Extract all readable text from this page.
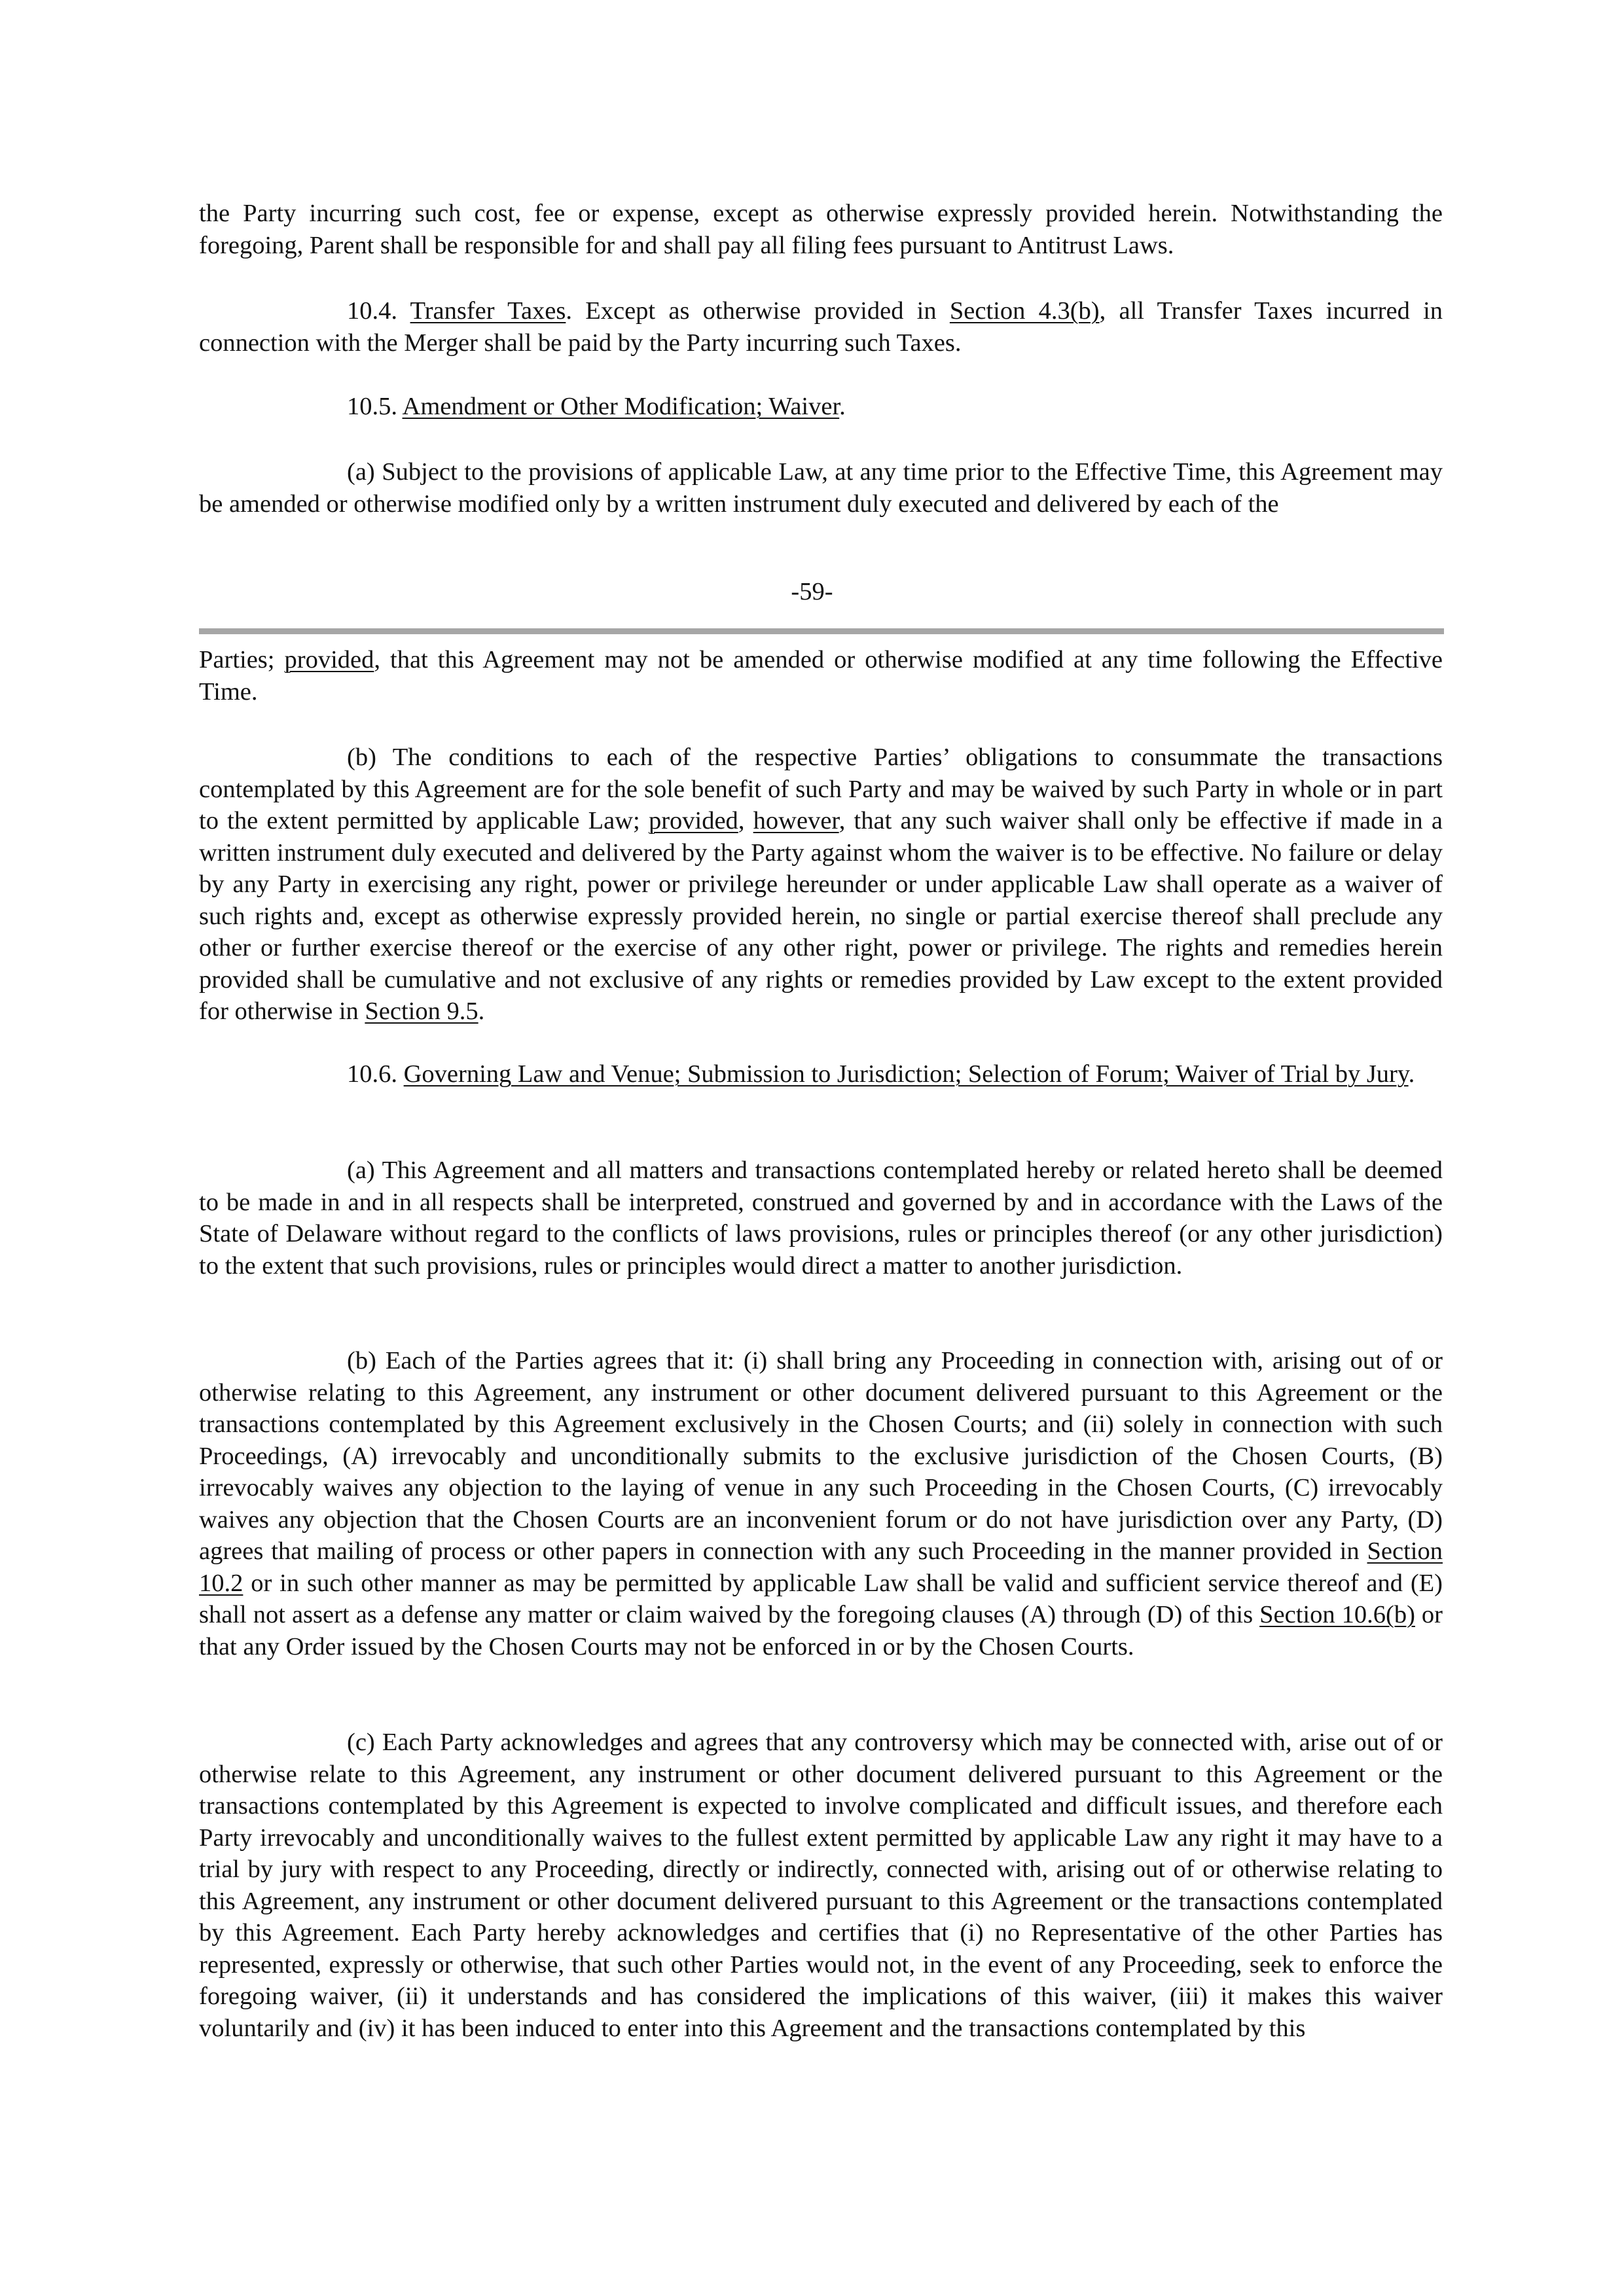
the Party incurring such cost, fee or expense, except as otherwise expressly provided herein. Notwithstanding the foregoing, Parent shall be responsible for and shall pay all filing fees pursuant to Antitrust Laws.

10.4. Transfer Taxes. Except as otherwise provided in Section 4.3(b), all Transfer Taxes incurred in connection with the Merger shall be paid by the Party incurring such Taxes.

10.5. Amendment or Other Modification; Waiver.

(a) Subject to the provisions of applicable Law, at any time prior to the Effective Time, this Agreement may be amended or otherwise modified only by a written instrument duly executed and delivered by each of the

-59-

Parties; provided, that this Agreement may not be amended or otherwise modified at any time following the Effective Time.

(b) The conditions to each of the respective Parties’ obligations to consummate the transactions contemplated by this Agreement are for the sole benefit of such Party and may be waived by such Party in whole or in part to the extent permitted by applicable Law; provided, however, that any such waiver shall only be effective if made in a written instrument duly executed and delivered by the Party against whom the waiver is to be effective. No failure or delay by any Party in exercising any right, power or privilege hereunder or under applicable Law shall operate as a waiver of such rights and, except as otherwise expressly provided herein, no single or partial exercise thereof shall preclude any other or further exercise thereof or the exercise of any other right, power or privilege. The rights and remedies herein provided shall be cumulative and not exclusive of any rights or remedies provided by Law except to the extent provided for otherwise in Section 9.5.

10.6. Governing Law and Venue; Submission to Jurisdiction; Selection of Forum; Waiver of Trial by Jury.

(a) This Agreement and all matters and transactions contemplated hereby or related hereto shall be deemed to be made in and in all respects shall be interpreted, construed and governed by and in accordance with the Laws of the State of Delaware without regard to the conflicts of laws provisions, rules or principles thereof (or any other jurisdiction) to the extent that such provisions, rules or principles would direct a matter to another jurisdiction.

(b) Each of the Parties agrees that it: (i) shall bring any Proceeding in connection with, arising out of or otherwise relating to this Agreement, any instrument or other document delivered pursuant to this Agreement or the transactions contemplated by this Agreement exclusively in the Chosen Courts; and (ii) solely in connection with such Proceedings, (A) irrevocably and unconditionally submits to the exclusive jurisdiction of the Chosen Courts, (B) irrevocably waives any objection to the laying of venue in any such Proceeding in the Chosen Courts, (C) irrevocably waives any objection that the Chosen Courts are an inconvenient forum or do not have jurisdiction over any Party, (D) agrees that mailing of process or other papers in connection with any such Proceeding in the manner provided in Section 10.2 or in such other manner as may be permitted by applicable Law shall be valid and sufficient service thereof and (E) shall not assert as a defense any matter or claim waived by the foregoing clauses (A) through (D) of this Section 10.6(b) or that any Order issued by the Chosen Courts may not be enforced in or by the Chosen Courts.

(c) Each Party acknowledges and agrees that any controversy which may be connected with, arise out of or otherwise relate to this Agreement, any instrument or other document delivered pursuant to this Agreement or the transactions contemplated by this Agreement is expected to involve complicated and difficult issues, and therefore each Party irrevocably and unconditionally waives to the fullest extent permitted by applicable Law any right it may have to a trial by jury with respect to any Proceeding, directly or indirectly, connected with, arising out of or otherwise relating to this Agreement, any instrument or other document delivered pursuant to this Agreement or the transactions contemplated by this Agreement. Each Party hereby acknowledges and certifies that (i) no Representative of the other Parties has represented, expressly or otherwise, that such other Parties would not, in the event of any Proceeding, seek to enforce the foregoing waiver, (ii) it understands and has considered the implications of this waiver, (iii) it makes this waiver voluntarily and (iv) it has been induced to enter into this Agreement and the transactions contemplated by this
